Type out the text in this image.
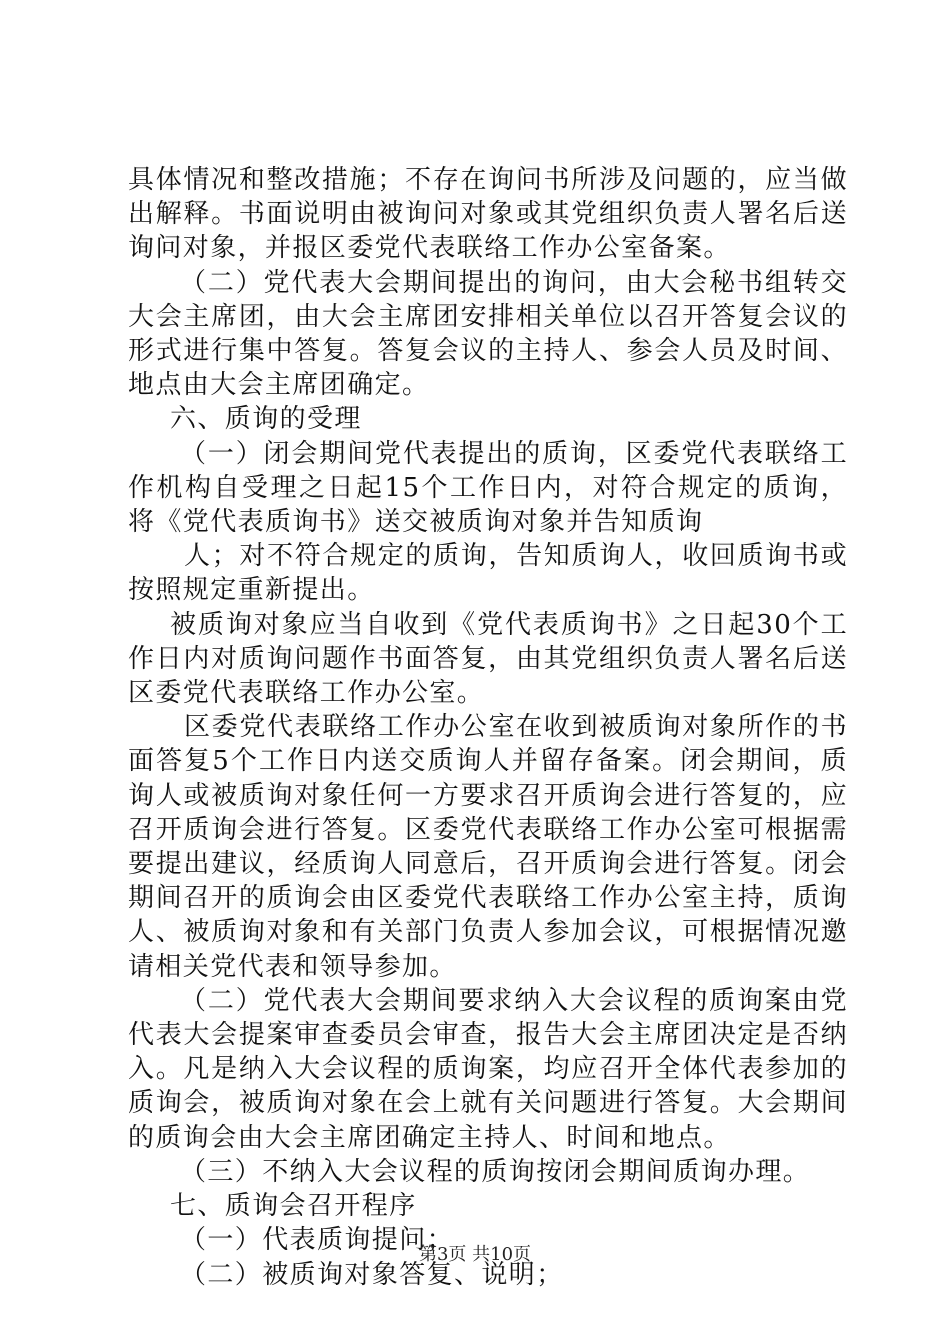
具体情况和整改措施；不存在询问书所涉及问题的，应当做出解释。书面说明由被询问对象或其党组织负责人署名后送询问对象，并报区委党代表联络工作办公室备案。

（二）党代表大会期间提出的询问，由大会秘书组转交大会主席团，由大会主席团安排相关单位以召开答复会议的形式进行集中答复。答复会议的主持人、参会人员及时间、地点由大会主席团确定。

六、质询的受理

（一）闭会期间党代表提出的质询，区委党代表联络工作机构自受理之日起15个工作日内，对符合规定的质询，将《党代表质询书》送交被质询对象并告知质询

人；对不符合规定的质询，告知质询人，收回质询书或按照规定重新提出。

被质询对象应当自收到《党代表质询书》之日起30个工作日内对质询问题作书面答复，由其党组织负责人署名后送区委党代表联络工作办公室。

区委党代表联络工作办公室在收到被质询对象所作的书面答复5个工作日内送交质询人并留存备案。闭会期间，质询人或被质询对象任何一方要求召开质询会进行答复的，应召开质询会进行答复。区委党代表联络工作办公室可根据需要提出建议，经质询人同意后，召开质询会进行答复。闭会期间召开的质询会由区委党代表联络工作办公室主持，质询人、被质询对象和有关部门负责人参加会议，可根据情况邀请相关党代表和领导参加。

（二）党代表大会期间要求纳入大会议程的质询案由党代表大会提案审查委员会审查，报告大会主席团决定是否纳入。凡是纳入大会议程的质询案，均应召开全体代表参加的质询会，被质询对象在会上就有关问题进行答复。大会期间的质询会由大会主席团确定主持人、时间和地点。

（三）不纳入大会议程的质询按闭会期间质询办理。

七、质询会召开程序

（一）代表质询提问；

（二）被质询对象答复、说明；

第3页 共10页
